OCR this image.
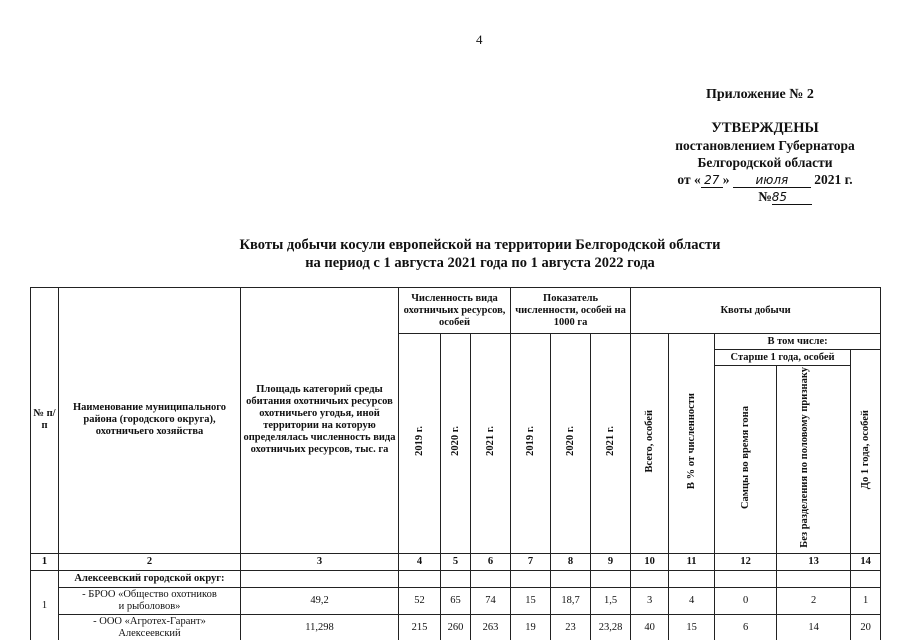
4
Приложение № 2
УТВЕРЖДЕНЫ
постановлением Губернатора
Белгородской области
от « 27 » июля 2021 г.
№85
Квоты добычи косули европейской на территории Белгородской области
на период с 1 августа 2021 года по 1 августа 2022 года
№ п/п	Наименование муниципального района (городского округа), охотничьего хозяйства	Площадь категорий среды обитания охотничьих ресурсов охотничьего угодья, иной территории на которую определялась численность вида охотничьих ресурсов, тыс. га	Численность вида охотничьих ресурсов, особей			Показатель численности, особей на 1000 га			Квоты добычи				
			2019 г.	2020 г.	2021 г.	2019 г.	2020 г.	2021 г.	Всего, особей	В % от численности	В том числе:		
											Старше 1 года, особей		До 1 года, особей
											Самцы во время гона	Без разделения по половому признаку	
1	2	3	4	5	6	7	8	9	10	11	12	13	14
1	Алексеевский городской округ:												

	- БРОО «Общество охотников
и рыболовов»	49,2	52	65	74	15	18,7	1,5	3	4	0	2	1

	- ООО «Агротех-Гарант»
Алексеевский	11,298	215	260	263	19	23	23,28	40	15	6	14	20
